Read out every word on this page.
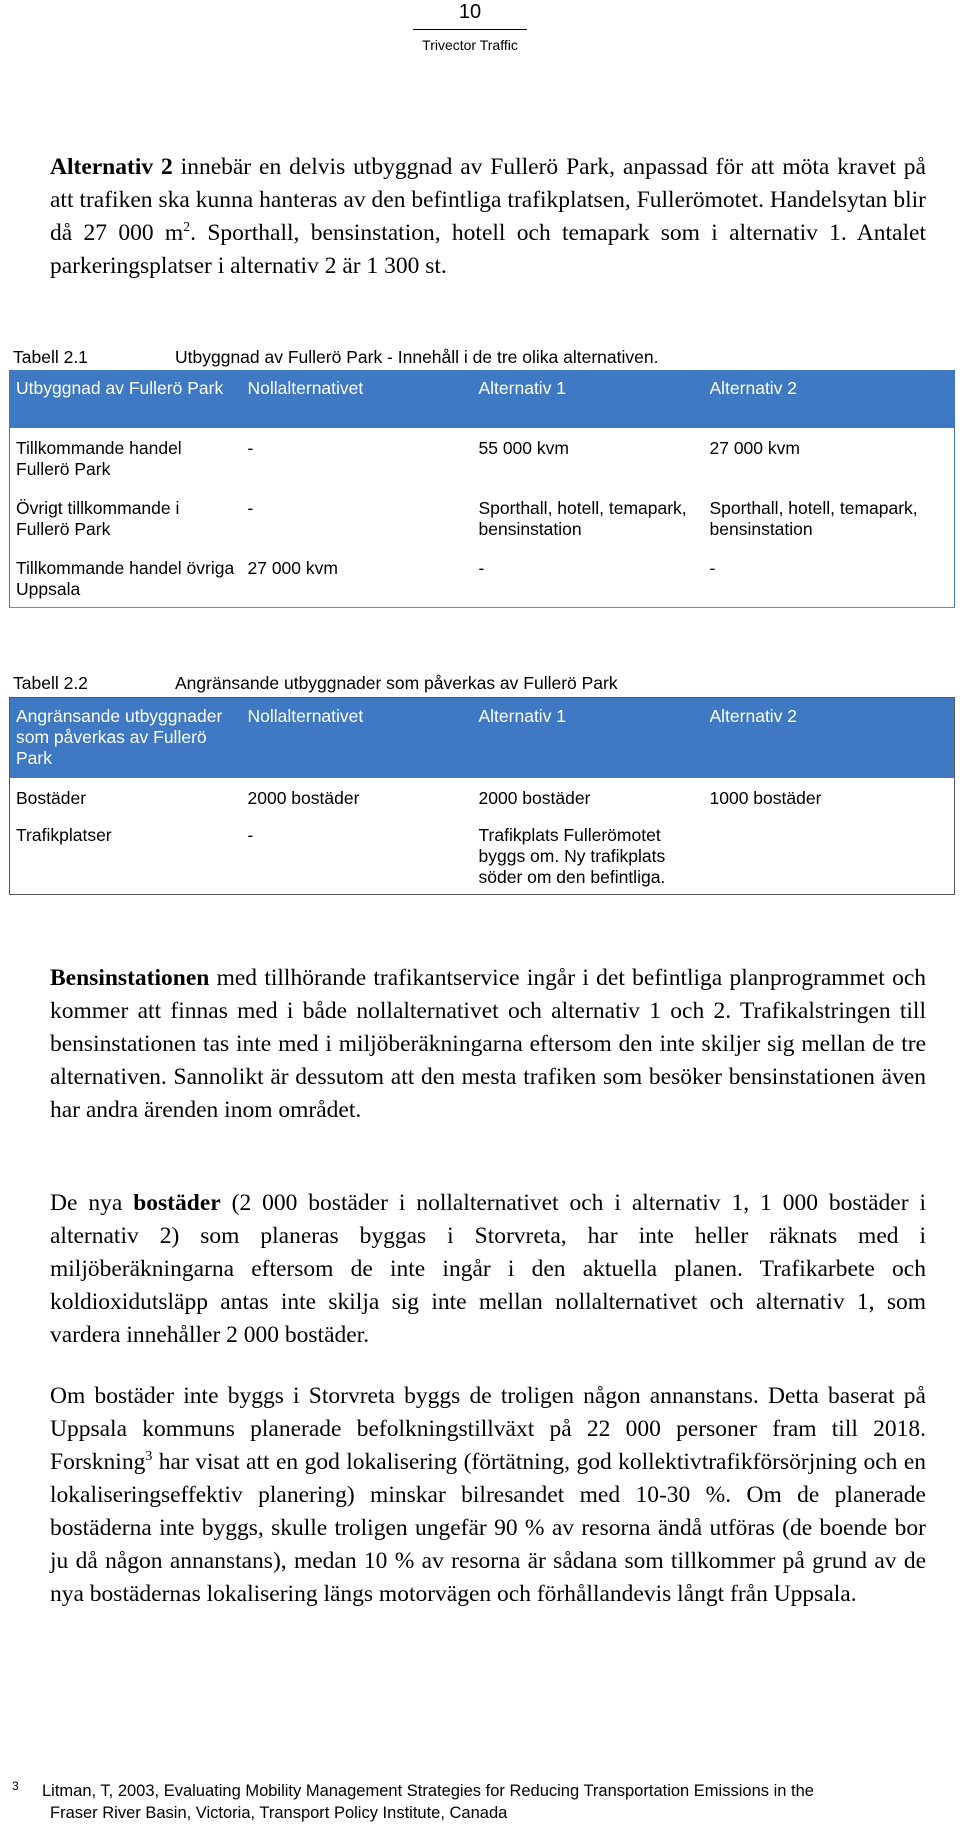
10
Trivector Traffic

Alternativ 2 innebär en delvis utbyggnad av Fullerö Park, anpassad för att möta kravet på att trafiken ska kunna hanteras av den befintliga trafikplatsen, Fullerömotet. Handelsytan blir då 27 000 $m^2$. Sporthall, bensinstation, hotell och temapark som i alternativ 1. Antalet parkeringsplatser i alternativ 2 är 1 300 st.

Tabell 2.1	Utbyggnad av Fullerö Park - Innehåll i de tre olika alternativen.
Utbyggnad av Fullerö Park	Nollalternativet	Alternativ 1	Alternativ 2
Tillkommande handel Fullerö Park	-	55 000 kvm	27 000 kvm
Övrigt tillkommande i Fullerö Park	-	Sporthall, hotell, temapark, bensinstation	Sporthall, hotell, temapark, bensinstation
Tillkommande handel övriga Uppsala	27 000 kvm	-	-
Tabell 2.2	Angränsande utbyggnader som påverkas av Fullerö Park
Angränsande utbyggnader som påverkas av Fullerö Park	Nollalternativet	Alternativ 1	Alternativ 2
Bostäder	2000 bostäder	2000 bostäder	1000 bostäder
Trafikplatser	-	Trafikplats Fullerömotet byggs om. Ny trafikplats söder om den befintliga.	

Bensinstationen med tillhörande trafikantservice ingår i det befintliga planprogrammet och kommer att finnas med i både nollalternativet och alternativ 1 och 2. Trafikalstringen till bensinstationen tas inte med i miljöberäkningarna eftersom den inte skiljer sig mellan de tre alternativen. Sannolikt är dessutom att den mesta trafiken som besöker bensinstationen även har andra ärenden inom området.

De nya bostäder (2 000 bostäder i nollalternativet och i alternativ 1, 1 000 bostäder i alternativ 2) som planeras byggas i Storvreta, har inte heller räknats med i miljöberäkningarna eftersom de inte ingår i den aktuella planen. Trafikarbete och koldioxidutsläpp antas inte skilja sig inte mellan nollalternativet och alternativ 1, som vardera innehåller 2 000 bostäder.

Om bostäder inte byggs i Storvreta byggs de troligen någon annanstans. Detta baserat på Uppsala kommuns planerade befolkningstillväxt på 22 000 personer fram till 2018. Forskning$^3$ har visat att en god lokalisering (förtätning, god kollektivtrafikförsörjning och en lokaliseringseffektiv planering) minskar bilresandet med 10-30 %. Om de planerade bostäderna inte byggs, skulle troligen ungefär 90 % av resorna ändå utföras (de boende bor ju då någon annanstans), medan 10 % av resorna är sådana som tillkommer på grund av de nya bostädernas lokalisering längs motorvägen och förhållandevis långt från Uppsala.

3	Litman, T, 2003, Evaluating Mobility Management Strategies for Reducing Transportation Emissions in the
Fraser River Basin, Victoria, Transport Policy Institute, Canada
